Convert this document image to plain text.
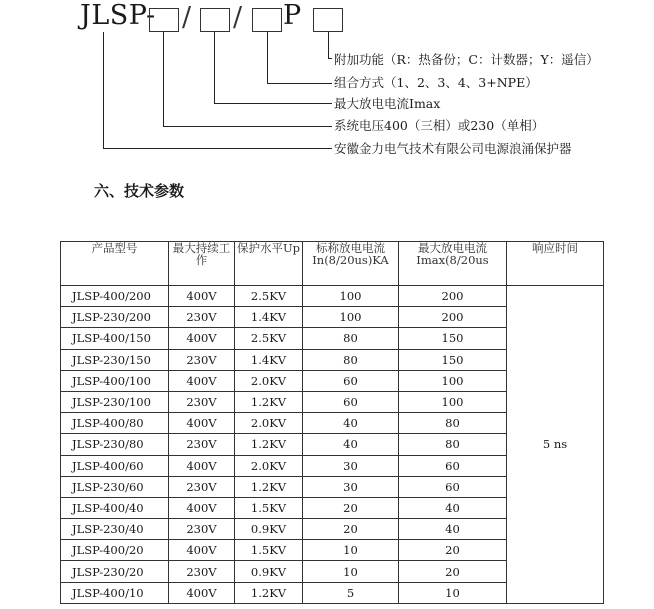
JLSP- / / P
附加功能（R：热备份；C：计数器；Y：遥信）
组合方式（1、2、3、4、3+NPE）
最大放电电流Imax
系统电压400（三相）或230（单相）
安徽金力电气技术有限公司电源浪涌保护器
六、技术参数
产品型号	最大持续工作	保护水平Up	标称放电电流In(8/20us)KA	最大放电电流Imax(8/20us	响应时间
JLSP-400/200	400V	2.5KV	100	200	5 ns
JLSP-230/200	230V	1.4KV	100	200	
JLSP-400/150	400V	2.5KV	80	150	
JLSP-230/150	230V	1.4KV	80	150	
JLSP-400/100	400V	2.0KV	60	100	
JLSP-230/100	230V	1.2KV	60	100	
JLSP-400/80	400V	2.0KV	40	80	
JLSP-230/80	230V	1.2KV	40	80	
JLSP-400/60	400V	2.0KV	30	60	
JLSP-230/60	230V	1.2KV	30	60	
JLSP-400/40	400V	1.5KV	20	40	
JLSP-230/40	230V	0.9KV	20	40	
JLSP-400/20	400V	1.5KV	10	20	
JLSP-230/20	230V	0.9KV	10	20	
JLSP-400/10	400V	1.2KV	5	10	
